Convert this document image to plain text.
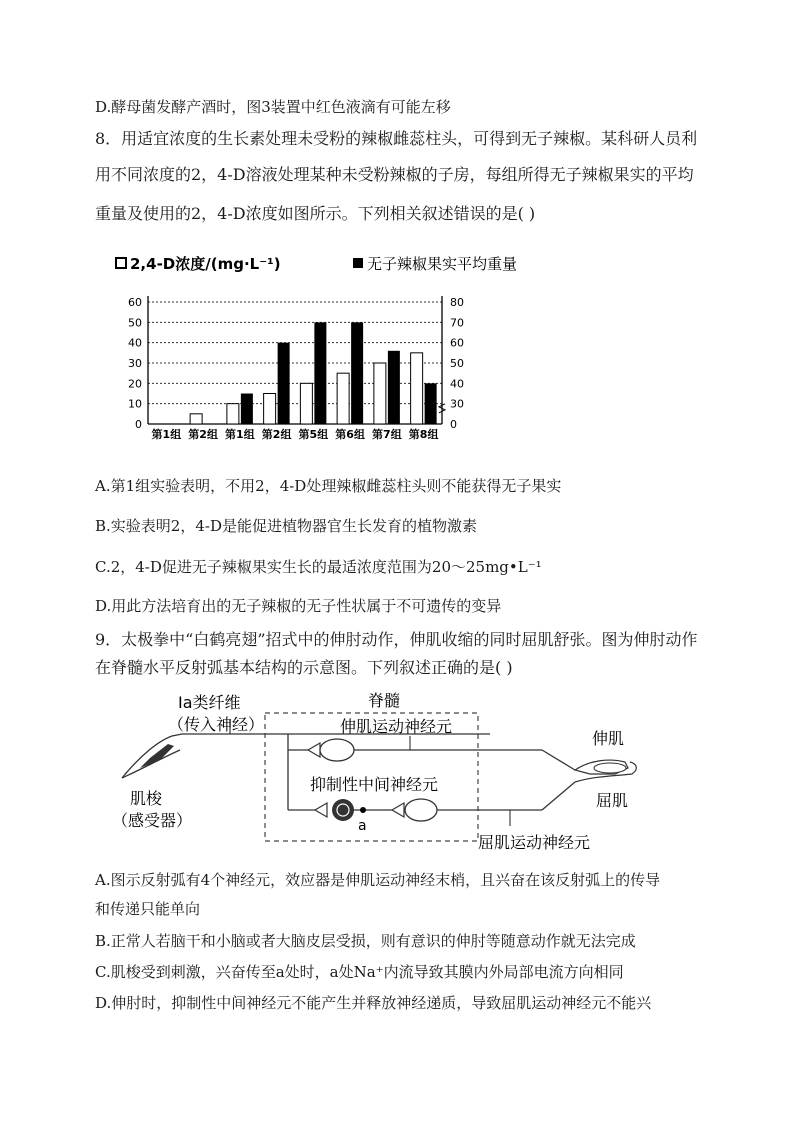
D.酵母菌发酵产酒时，图3装置中红色液滴有可能左移
8．用适宜浓度的生长素处理未受粉的辣椒雌蕊柱头，可得到无子辣椒。某科研人员利
用不同浓度的2，4-D溶液处理某种未受粉辣椒的子房，每组所得无子辣椒果实的平均
重量及使用的2，4-D浓度如图所示。下列相关叙述错误的是( )
2,4-D浓度/(mg·L⁻¹)	无子辣椒果实平均重量
0	0
10	30
20	40
30	50
40	60
50	70
60	80
第1组 第2组 第1组 第2组 第5组 第6组 第7组 第8组
A.第1组实验表明，不用2，4-D处理辣椒雌蕊柱头则不能获得无子果实
B.实验表明2，4-D是能促进植物器官生长发育的植物激素
C.2，4-D促进无子辣椒果实生长的最适浓度范围为20～25mg•L⁻¹
D.用此方法培育出的无子辣椒的无子性状属于不可遗传的变异
9．太极拳中“白鹤亮翅”招式中的伸肘动作，伸肌收缩的同时屈肌舒张。图为伸肘动作
在脊髓水平反射弧基本结构的示意图。下列叙述正确的是( )
Ia类纤维
（传入神经）
脊髓
伸肌运动神经元
抑制性中间神经元
伸肌
屈肌
肌梭
（感受器）	a
屈肌运动神经元
A.图示反射弧有4个神经元，效应器是伸肌运动神经末梢，且兴奋在该反射弧上的传导
和传递只能单向
B.正常人若脑干和小脑或者大脑皮层受损，则有意识的伸肘等随意动作就无法完成
C.肌梭受到刺激，兴奋传至a处时，a处Na⁺内流导致其膜内外局部电流方向相同
D.伸肘时，抑制性中间神经元不能产生并释放神经递质，导致屈肌运动神经元不能兴
